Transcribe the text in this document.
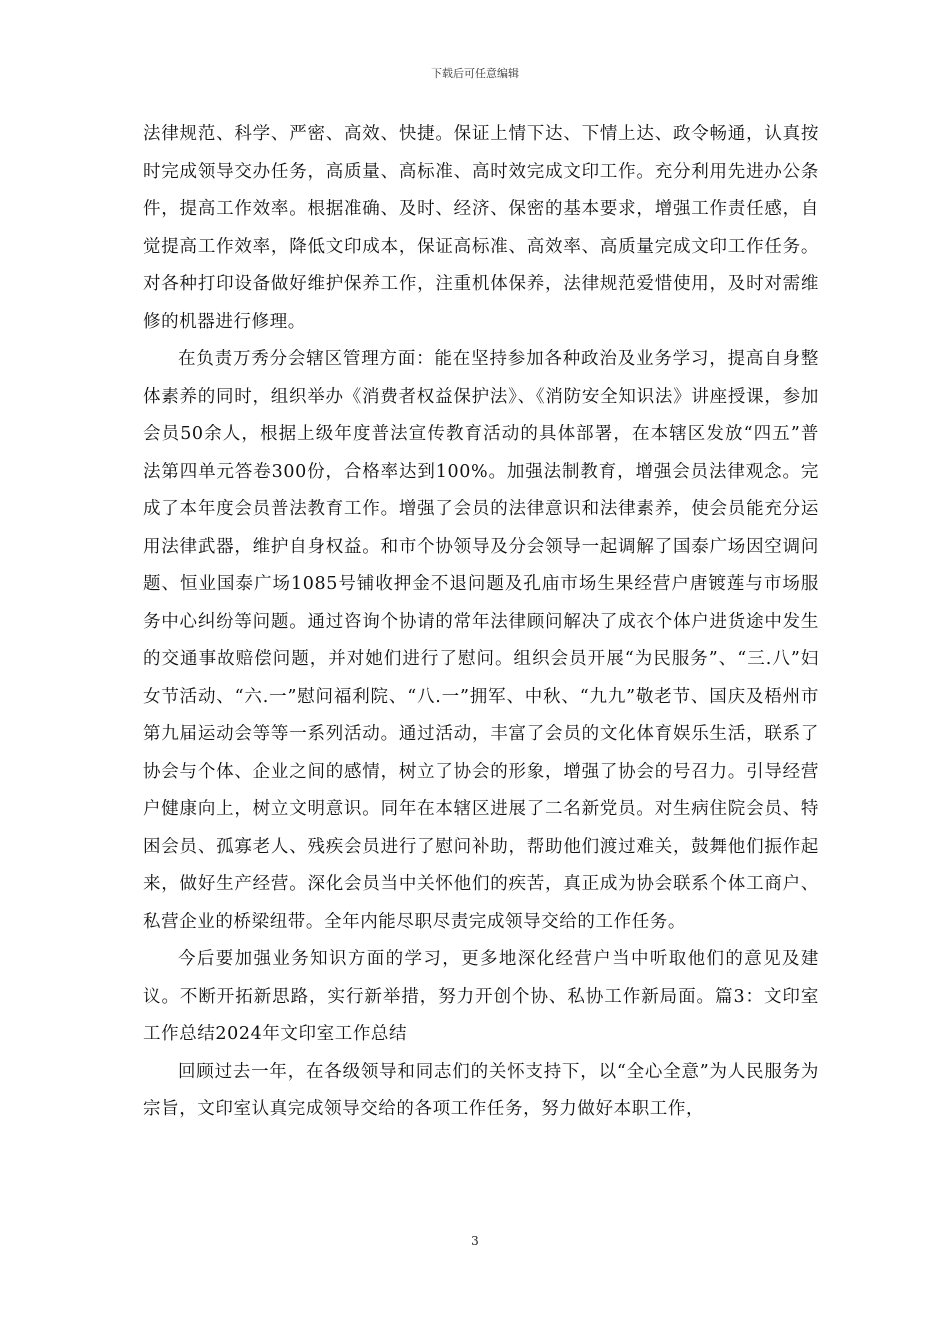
下载后可任意编辑

法律规范、科学、严密、高效、快捷。保证上情下达、下情上达、政令畅通，认真按时完成领导交办任务，高质量、高标准、高时效完成文印工作。充分利用先进办公条件，提高工作效率。根据准确、及时、经济、保密的基本要求，增强工作责任感，自觉提高工作效率，降低文印成本，保证高标准、高效率、高质量完成文印工作任务。对各种打印设备做好维护保养工作，注重机体保养，法律规范爱惜使用，及时对需维修的机器进行修理。

在负责万秀分会辖区管理方面：能在坚持参加各种政治及业务学习，提高自身整体素养的同时，组织举办《消费者权益保护法》、《消防安全知识法》讲座授课，参加会员50余人，根据上级年度普法宣传教育活动的具体部署，在本辖区发放“四五”普法第四单元答卷300份，合格率达到100%。加强法制教育，增强会员法律观念。完成了本年度会员普法教育工作。增强了会员的法律意识和法律素养，使会员能充分运用法律武器，维护自身权益。和市个协领导及分会领导一起调解了国泰广场因空调问题、恒业国泰广场1085号铺收押金不退问题及孔庙市场生果经营户唐镀莲与市场服务中心纠纷等问题。通过咨询个协请的常年法律顾问解决了成衣个体户进货途中发生的交通事故赔偿问题，并对她们进行了慰问。组织会员开展“为民服务”、“三.八”妇女节活动、“六.一”慰问福利院、“八.一”拥军、中秋、“九九”敬老节、国庆及梧州市第九届运动会等等一系列活动。通过活动，丰富了会员的文化体育娱乐生活，联系了协会与个体、企业之间的感情，树立了协会的形象，增强了协会的号召力。引导经营户健康向上，树立文明意识。同年在本辖区进展了二名新党员。对生病住院会员、特困会员、孤寡老人、残疾会员进行了慰问补助，帮助他们渡过难关，鼓舞他们振作起来，做好生产经营。深化会员当中关怀他们的疾苦，真正成为协会联系个体工商户、私营企业的桥梁纽带。全年内能尽职尽责完成领导交给的工作任务。

今后要加强业务知识方面的学习，更多地深化经营户当中听取他们的意见及建议。不断开拓新思路，实行新举措，努力开创个协、私协工作新局面。篇3：文印室工作总结2024年文印室工作总结

回顾过去一年，在各级领导和同志们的关怀支持下，以“全心全意”为人民服务为宗旨，文印室认真完成领导交给的各项工作任务，努力做好本职工作，

3
